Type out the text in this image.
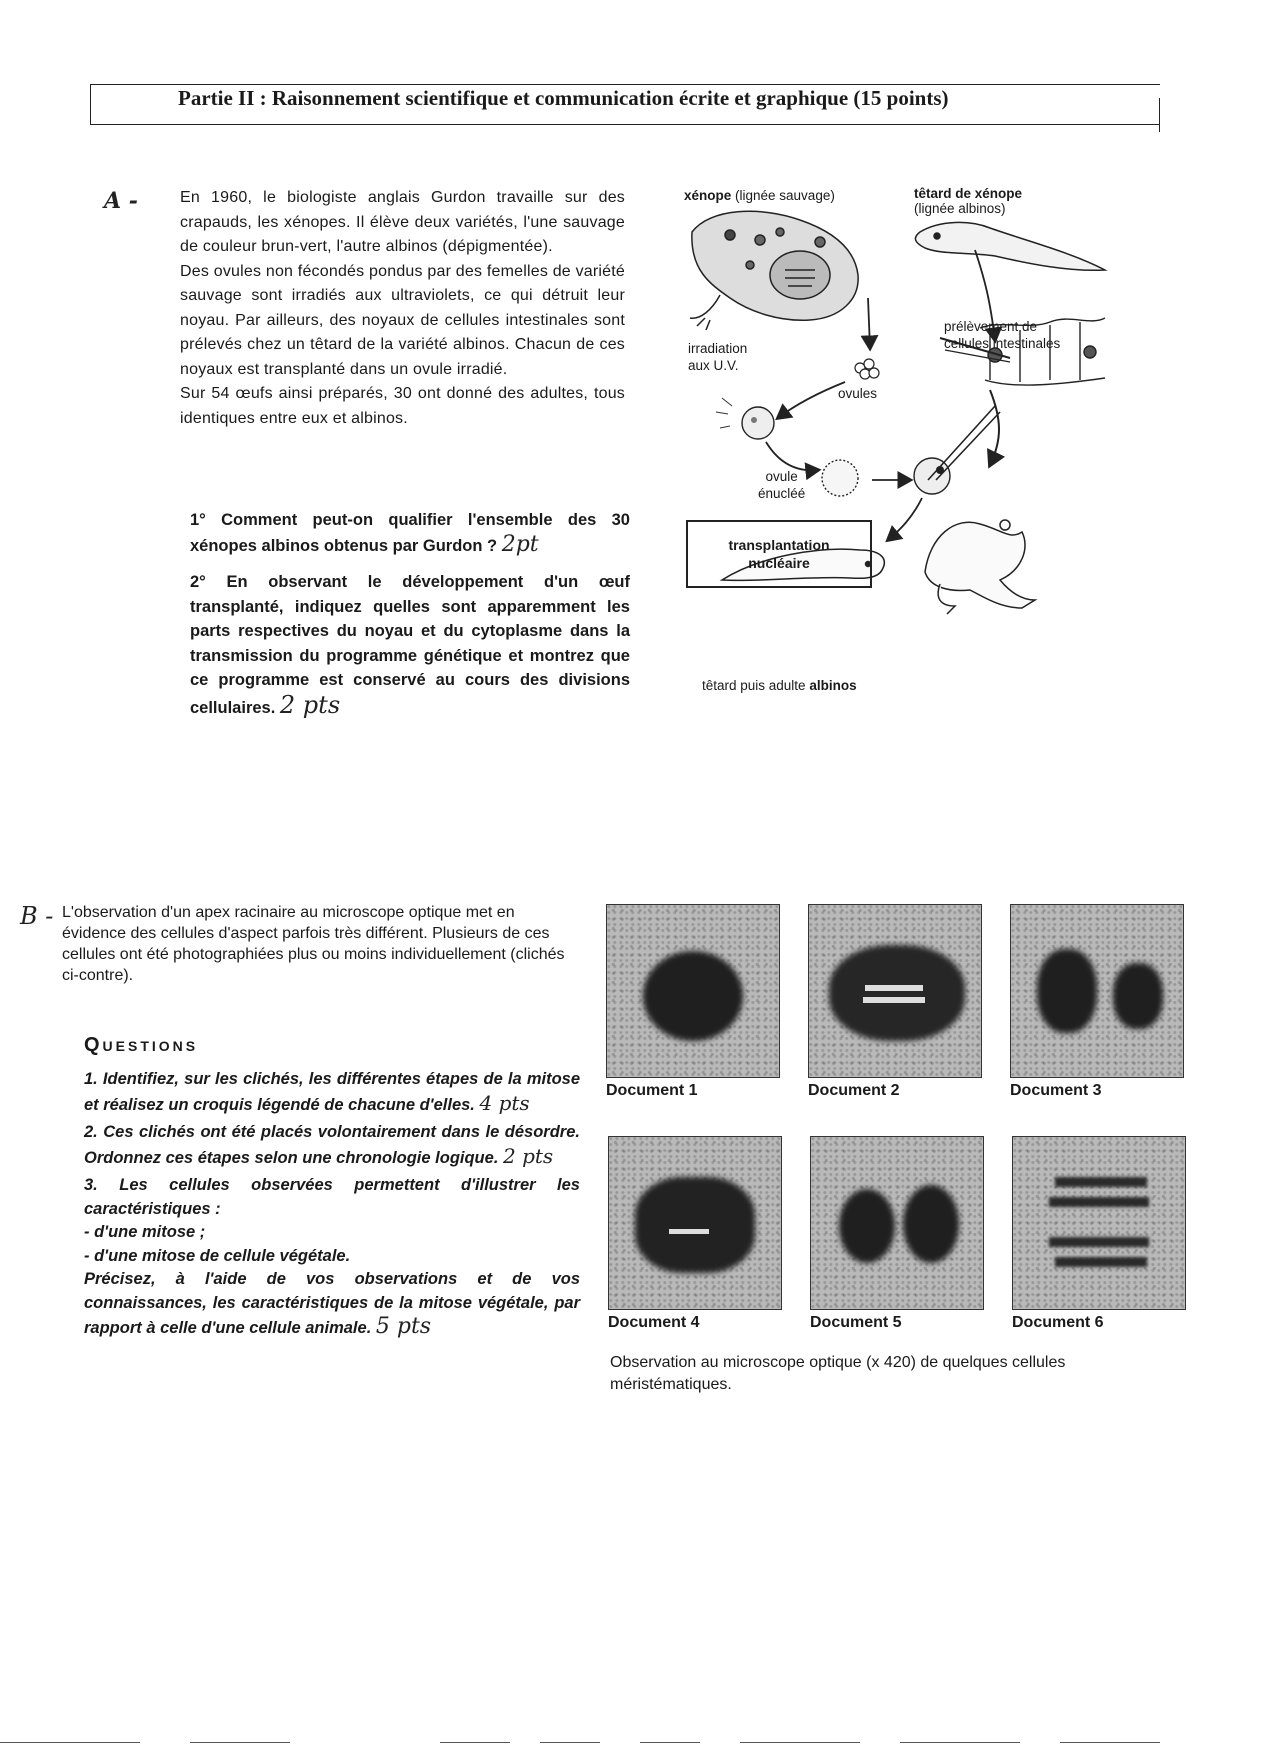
Partie II : Raisonnement scientifique et communication écrite et graphique (15 points)
A -	En 1960, le biologiste anglais Gurdon travaille sur des crapauds, les xénopes. Il élève deux variétés, l'une sauvage de couleur brun-vert, l'autre albinos (dépigmentée).

Des ovules non fécondés pondus par des femelles de variété sauvage sont irradiés aux ultraviolets, ce qui détruit leur noyau. Par ailleurs, des noyaux de cellules intestinales sont prélevés chez un têtard de la variété albinos. Chacun de ces noyaux est transplanté dans un ovule irradié.

Sur 54 œufs ainsi préparés, 30 ont donné des adultes, tous identiques entre eux et albinos.

1° Comment peut-on qualifier l'ensemble des 30 xénopes albinos obtenus par Gurdon ? 2pt

2° En observant le développement d'un œuf transplanté, indiquez quelles sont apparemment les parts respectives du noyau et du cytoplasme dans la transmission du programme génétique et montrez que ce programme est conservé au cours des divisions cellulaires. 2 pts

xénope (lignée sauvage)	têtard de xénope
(lignée albinos)
irradiation
aux U.V.
ovules
prélèvement de
cellules intestinales
ovule
énucléé
transplantation
nucléaire
têtard puis adulte albinos
B - L'observation d'un apex racinaire au microscope optique met en évidence des cellules d'aspect parfois très différent. Plusieurs de ces cellules ont été photographiées plus ou moins individuellement (clichés ci-contre).
Questions

1. Identifiez, sur les clichés, les différentes étapes de la mitose et réalisez un croquis légendé de chacune d'elles. 4 pts

2. Ces clichés ont été placés volontairement dans le désordre. Ordonnez ces étapes selon une chronologie logique. 2 pts

3. Les cellules observées permettent d'illustrer les caractéristiques :

- d'une mitose ;

- d'une mitose de cellule végétale.

Précisez, à l'aide de vos observations et de vos connaissances, les caractéristiques de la mitose végétale, par rapport à celle d'une cellule animale. 5 pts

Document 1	Document 2	Document 3
Document 4	Document 5	Document 6
Observation au microscope optique (x 420) de quelques cellules méristématiques.
